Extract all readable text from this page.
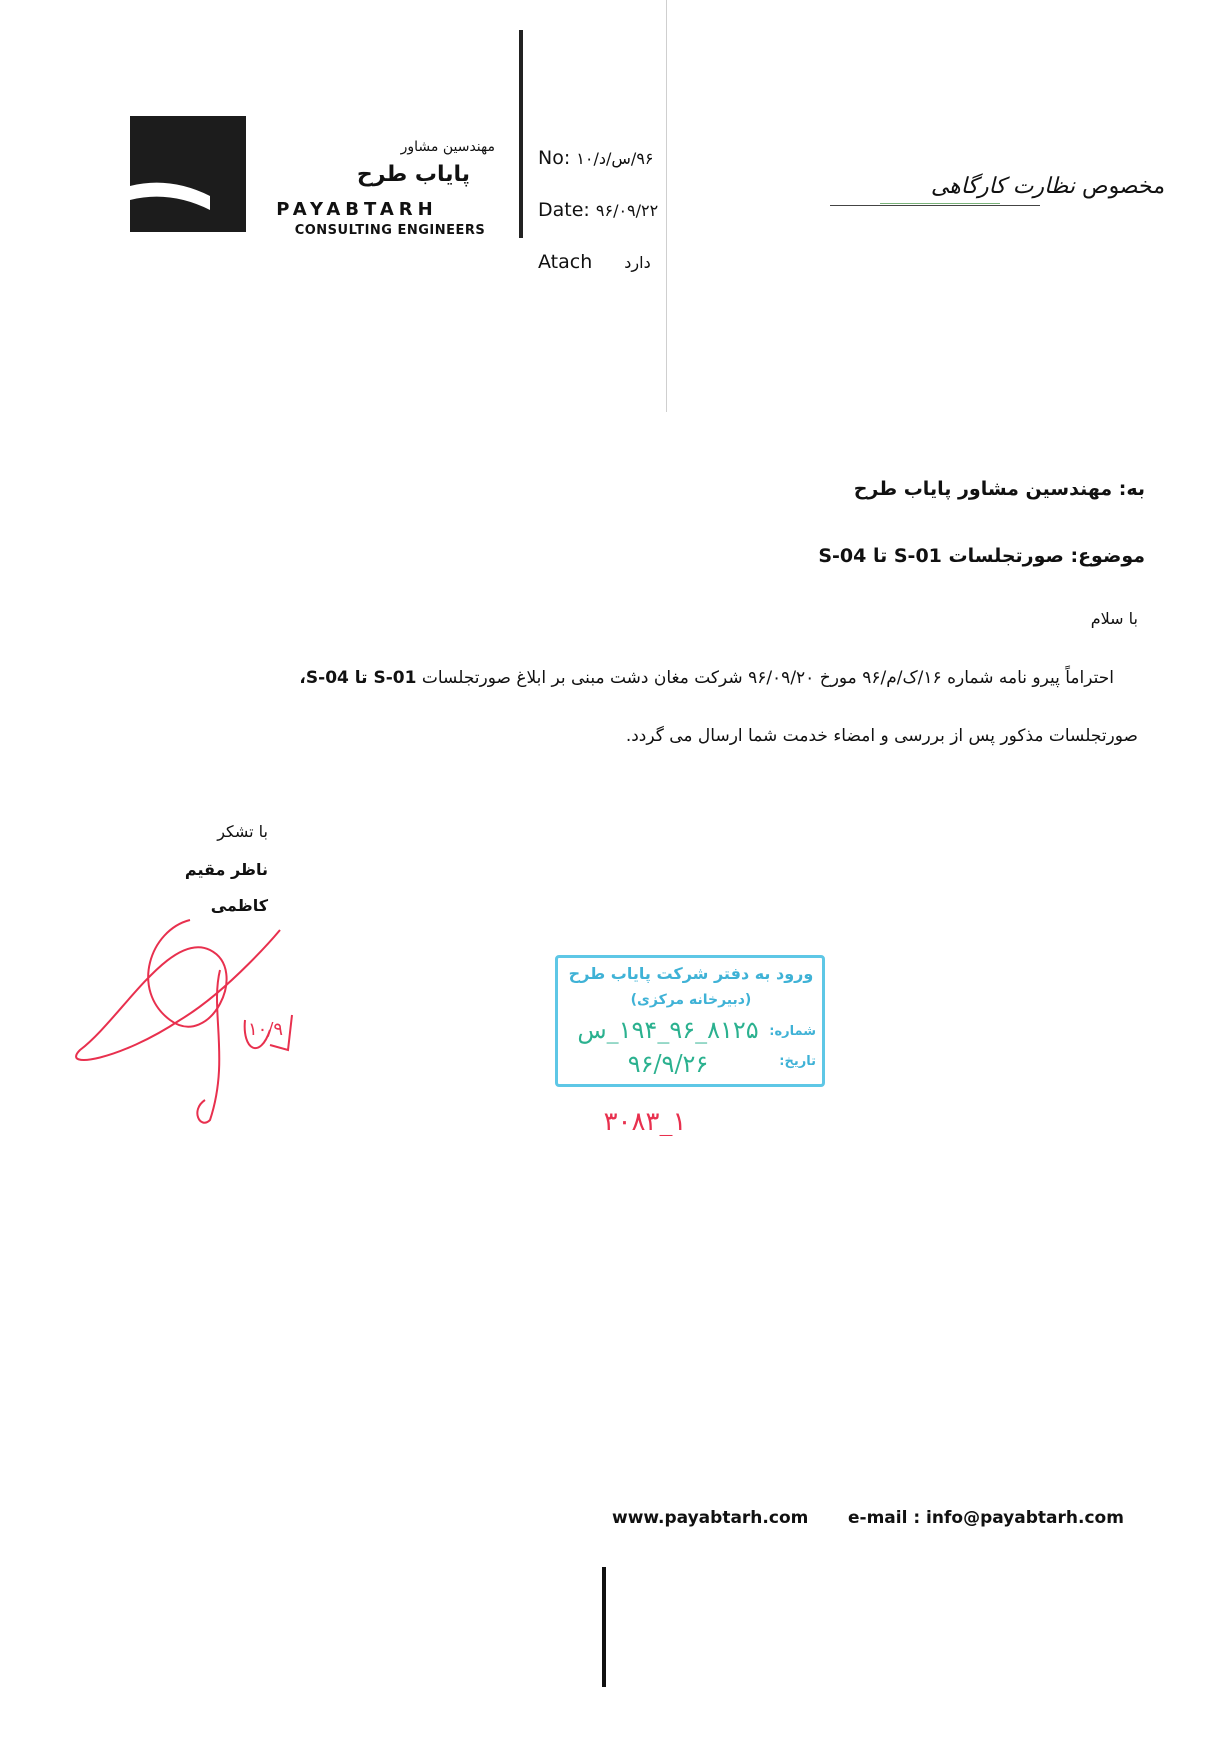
مهندسین مشاور
پایاب طرح
PAYABTARH
CONSULTING ENGINEERS
No: ۹۶/س/د/۱۰
Date: ۹۶/۰۹/۲۲
Atach دارد
مخصوص نظارت کارگاهی
به: مهندسین مشاور پایاب طرح
موضوع: صورتجلسات S-01 تا S-04
با سلام
احتراماً پیرو نامه شماره ۱۶/ک/م/۹۶ مورخ ۹۶/۰۹/۲۰ شرکت مغان دشت مبنی بر ابلاغ صورتجلسات S-01 تا S-04،
صورتجلسات مذکور پس از بررسی و امضاء خدمت شما ارسال می گردد.
با تشکر
ناظر مقیم
کاظمی
۱۰/۹
ورود به دفتر شرکت پایاب طرح
(دبیرخانه مرکزی)
شماره:
تاریخ:
۸۱۲۵_۹۶_۱۹۴_س
۹۶/۹/۲۶
۳۰۸۳_۱
www.payabtarh.com e-mail : info@payabtarh.com
